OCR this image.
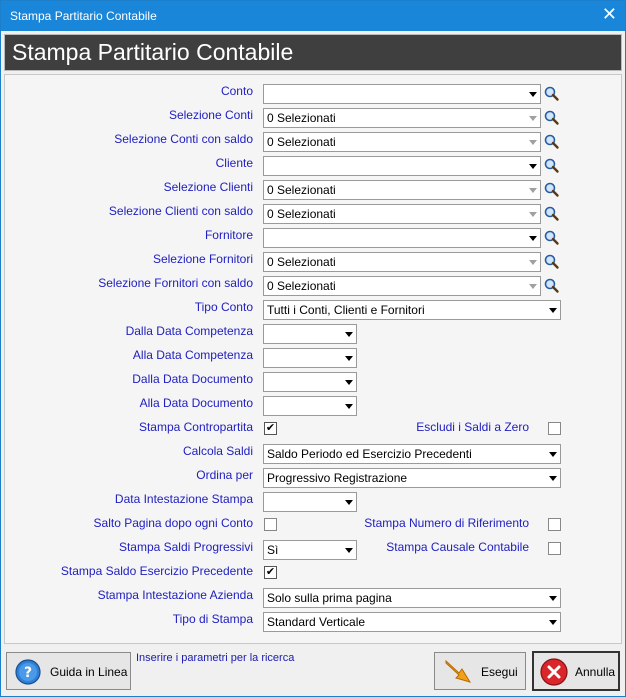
Stampa Partitario Contabile	✕
Stampa Partitario Contabile
Conto
Selezione Conti 0 Selezionati
Selezione Conti con saldo 0 Selezionati
Cliente
Selezione Clienti 0 Selezionati
Selezione Clienti con saldo 0 Selezionati
Fornitore
Selezione Fornitori 0 Selezionati
Selezione Fornitori con saldo 0 Selezionati
Tipo Conto Tutti i Conti, Clienti e Fornitori
Dalla Data Competenza
Alla Data Competenza
Dalla Data Documento
Alla Data Documento
Stampa Contropartita ✔	Escludi i Saldi a Zero
Calcola Saldi Saldo Periodo ed Esercizio Precedenti
Ordina per Progressivo Registrazione
Data Intestazione Stampa
Salto Pagina dopo ogni Conto	Stampa Numero di Riferimento
Stampa Saldi Progressivi Sì	Stampa Causale Contabile
Stampa Saldo Esercizio Precedente ✔
Stampa Intestazione Azienda Solo sulla prima pagina
Tipo di Stampa Standard Verticale
? Guida in Linea
Inserire i parametri per la ricerca
Esegui	Annulla
